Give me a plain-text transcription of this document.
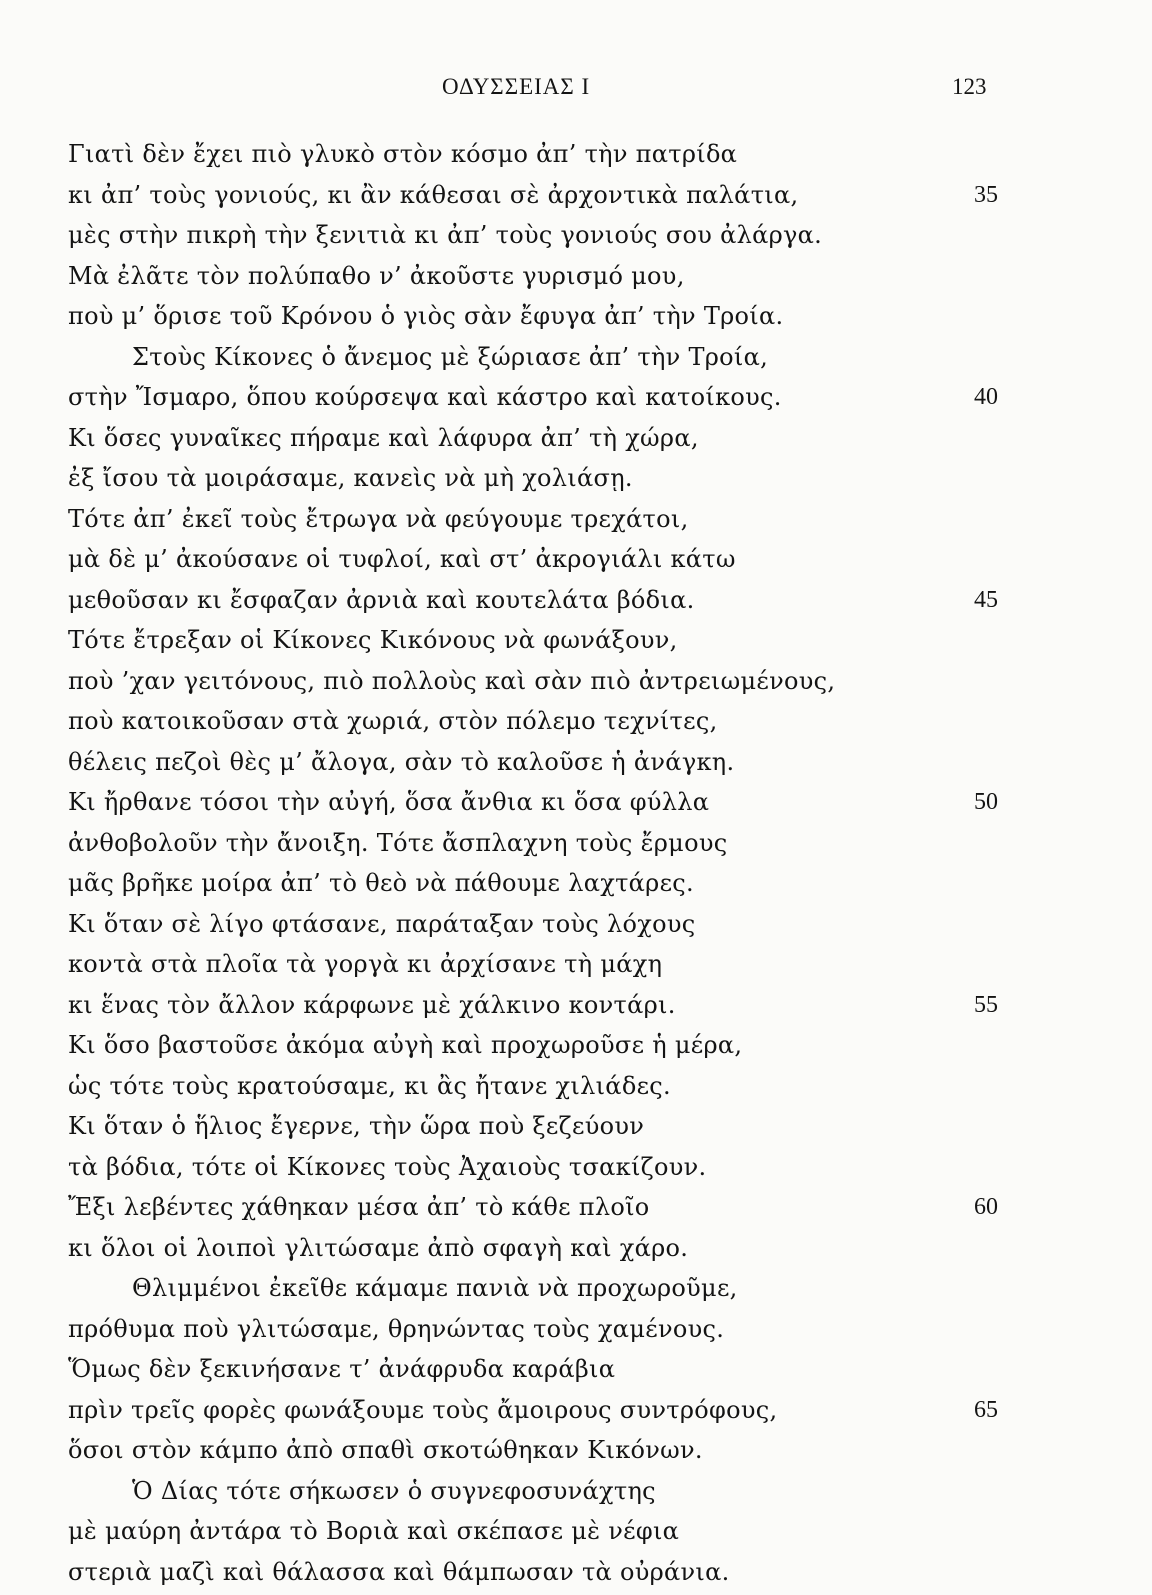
ΟΔΥΣΣΕΙΑΣ Ι	123
Γιατὶ δὲν ἔχει πιὸ γλυκὸ στὸν κόσμο ἀπ’ τὴν πατρίδα
κι ἀπ’ τοὺς γονιούς, κι ἂν κάθεσαι σὲ ἀρχοντικὰ παλάτια,	35
μὲς στὴν πικρὴ τὴν ξενιτιὰ κι ἀπ’ τοὺς γονιούς σου ἀλάργα.
Μὰ ἐλᾶτε τὸν πολύπαθο ν’ ἀκοῦστε γυρισμό μου,
ποὺ μ’ ὅρισε τοῦ Κρόνου ὁ γιὸς σὰν ἔφυγα ἀπ’ τὴν Τροία.
Στοὺς Κίκονες ὁ ἄνεμος μὲ ξώριασε ἀπ’ τὴν Τροία,
στὴν Ἴσμαρο, ὅπου κούρσεψα καὶ κάστρο καὶ κατοίκους.	40
Κι ὅσες γυναῖκες πήραμε καὶ λάφυρα ἀπ’ τὴ χώρα,
ἐξ ἴσου τὰ μοιράσαμε, κανεὶς νὰ μὴ χολιάσῃ.
Τότε ἀπ’ ἐκεῖ τοὺς ἔτρωγα νὰ φεύγουμε τρεχάτοι,
μὰ δὲ μ’ ἀκούσανε οἱ τυφλοί, καὶ στ’ ἀκρογιάλι κάτω
μεθοῦσαν κι ἔσφαζαν ἀρνιὰ καὶ κουτελάτα βόδια.	45
Τότε ἔτρεξαν οἱ Κίκονες Κικόνους νὰ φωνάξουν,
ποὺ ’χαν γειτόνους, πιὸ πολλοὺς καὶ σὰν πιὸ ἀντρειωμένους,
ποὺ κατοικοῦσαν στὰ χωριά, στὸν πόλεμο τεχνίτες,
θέλεις πεζοὶ θὲς μ’ ἄλογα, σὰν τὸ καλοῦσε ἡ ἀνάγκη.
Κι ἤρθανε τόσοι τὴν αὐγή, ὅσα ἄνθια κι ὅσα φύλλα	50
ἀνθοβολοῦν τὴν ἄνοιξη. Τότε ἄσπλαχνη τοὺς ἔρμους
μᾶς βρῆκε μοίρα ἀπ’ τὸ θεὸ νὰ πάθουμε λαχτάρες.
Κι ὅταν σὲ λίγο φτάσανε, παράταξαν τοὺς λόχους
κοντὰ στὰ πλοῖα τὰ γοργὰ κι ἀρχίσανε τὴ μάχη
κι ἕνας τὸν ἄλλον κάρφωνε μὲ χάλκινο κοντάρι.	55
Κι ὅσο βαστοῦσε ἀκόμα αὐγὴ καὶ προχωροῦσε ἡ μέρα,
ὡς τότε τοὺς κρατούσαμε, κι ἂς ἤτανε χιλιάδες.
Κι ὅταν ὁ ἥλιος ἔγερνε, τὴν ὥρα ποὺ ξεζεύουν
τὰ βόδια, τότε οἱ Κίκονες τοὺς Ἀχαιοὺς τσακίζουν.
Ἔξι λεβέντες χάθηκαν μέσα ἀπ’ τὸ κάθε πλοῖο	60
κι ὅλοι οἱ λοιποὶ γλιτώσαμε ἀπὸ σφαγὴ καὶ χάρο.
Θλιμμένοι ἐκεῖθε κάμαμε πανιὰ νὰ προχωροῦμε,
πρόθυμα ποὺ γλιτώσαμε, θρηνώντας τοὺς χαμένους.
Ὅμως δὲν ξεκινήσανε τ’ ἀνάφρυδα καράβια
πρὶν τρεῖς φορὲς φωνάξουμε τοὺς ἄμοιρους συντρόφους,	65
ὅσοι στὸν κάμπο ἀπὸ σπαθὶ σκοτώθηκαν Κικόνων.
Ὁ Δίας τότε σήκωσεν ὁ συγνεφοσυνάχτης
μὲ μαύρη ἀντάρα τὸ Βοριὰ καὶ σκέπασε μὲ νέφια
στεριὰ μαζὶ καὶ θάλασσα καὶ θάμπωσαν τὰ οὐράνια.
